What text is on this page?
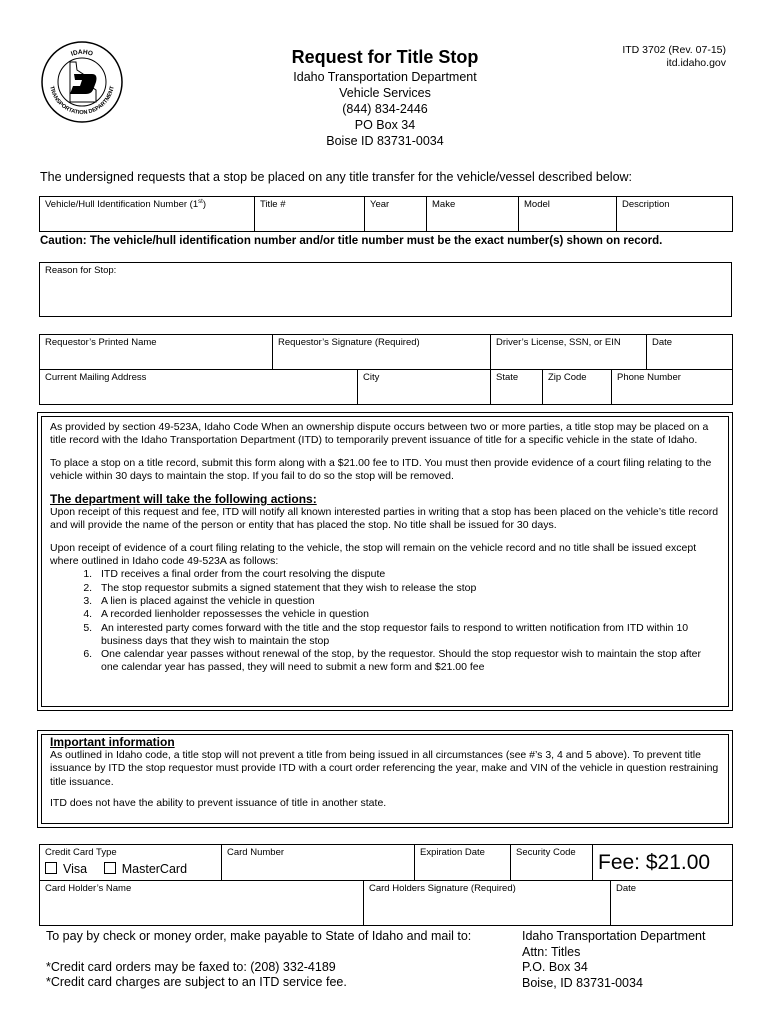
IDAHO
TRANSPORTATION DEPARTMENT
Request for Title Stop
Idaho Transportation Department
Vehicle Services
(844) 834-2446
PO Box 34
Boise ID 83731-0034
ITD 3702 (Rev. 07-15)
itd.idaho.gov
The undersigned requests that a stop be placed on any title transfer for the vehicle/vessel described below:
Vehicle/Hull Identification Number (1st)	Title #	Year	Make	Model	Description
Caution: The vehicle/hull identification number and/or title number must be the exact number(s) shown on record.
Reason for Stop:
Requestor’s Printed Name	Requestor’s Signature (Required)	Driver’s License, SSN, or EIN	Date
Current Mailing Address	City	State	Zip Code	Phone Number

As provided by section 49-523A, Idaho Code When an ownership dispute occurs between two or more parties, a title stop may be placed on a title record with the Idaho Transportation Department (ITD) to temporarily prevent issuance of title for a specific vehicle in the state of Idaho.

To place a stop on a title record, submit this form along with a $21.00 fee to ITD. You must then provide evidence of a court filing relating to the vehicle within 30 days to maintain the stop. If you fail to do so the stop will be removed.

The department will take the following actions:

Upon receipt of this request and fee, ITD will notify all known interested parties in writing that a stop has been placed on the vehicle’s title record and will provide the name of the person or entity that has placed the stop. No title shall be issued for 30 days.

Upon receipt of evidence of a court filing relating to the vehicle, the stop will remain on the vehicle record and no title shall be issued except where outlined in Idaho code 49-523A as follows:

1. ITD receives a final order from the court resolving the dispute
2. The stop requestor submits a signed statement that they wish to release the stop
3. A lien is placed against the vehicle in question
4. A recorded lienholder repossesses the vehicle in question
5. An interested party comes forward with the title and the stop requestor fails to respond to written notification from ITD within 10 business days that they wish to maintain the stop
6. One calendar year passes without renewal of the stop, by the requestor. Should the stop requestor wish to maintain the stop after one calendar year has passed, they will need to submit a new form and $21.00 fee
Important information

As outlined in Idaho code, a title stop will not prevent a title from being issued in all circumstances (see #’s 3, 4 and 5 above). To prevent title issuance by ITD the stop requestor must provide ITD with a court order referencing the year, make and VIN of the vehicle in question restraining title issuance.

ITD does not have the ability to prevent issuance of title in another state.

Credit Card Type
Visa	MasterCard
	Card Number	Expiration Date	Security Code	Fee: $21.00
Card Holder’s Name	Card Holders Signature (Required)	Date
To pay by check or money order, make payable to State of Idaho and mail to:
*Credit card orders may be faxed to: (208) 332-4189
*Credit card charges are subject to an ITD service fee.
Idaho Transportation Department
Attn: Titles
P.O. Box 34
Boise, ID 83731-0034
